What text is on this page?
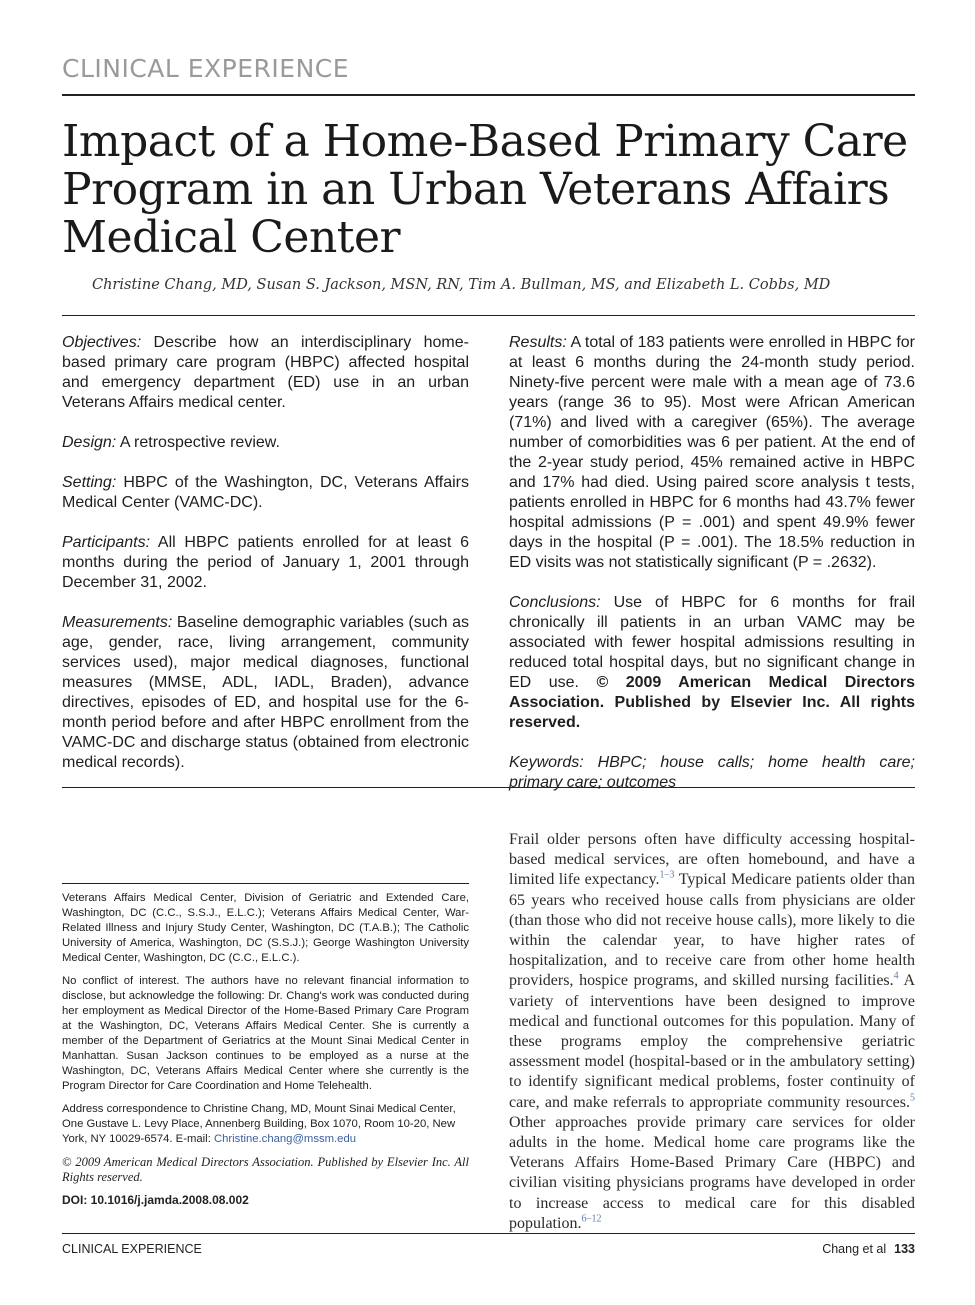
CLINICAL EXPERIENCE
Impact of a Home-Based Primary Care Program in an Urban Veterans Affairs Medical Center
Christine Chang, MD, Susan S. Jackson, MSN, RN, Tim A. Bullman, MS, and Elizabeth L. Cobbs, MD

Objectives: Describe how an interdisciplinary home-based primary care program (HBPC) affected hospital and emergency department (ED) use in an urban Veterans Affairs medical center.

Design: A retrospective review.

Setting: HBPC of the Washington, DC, Veterans Affairs Medical Center (VAMC-DC).

Participants: All HBPC patients enrolled for at least 6 months during the period of January 1, 2001 through December 31, 2002.

Measurements: Baseline demographic variables (such as age, gender, race, living arrangement, community services used), major medical diagnoses, functional measures (MMSE, ADL, IADL, Braden), advance directives, episodes of ED, and hospital use for the 6-month period before and after HBPC enrollment from the VAMC-DC and discharge status (obtained from electronic medical records).

Results: A total of 183 patients were enrolled in HBPC for at least 6 months during the 24-month study period. Ninety-five percent were male with a mean age of 73.6 years (range 36 to 95). Most were African American (71%) and lived with a caregiver (65%). The average number of comorbidities was 6 per patient. At the end of the 2-year study period, 45% remained active in HBPC and 17% had died. Using paired score analysis t tests, patients enrolled in HBPC for 6 months had 43.7% fewer hospital admissions (P = .001) and spent 49.9% fewer days in the hospital (P = .001). The 18.5% reduction in ED visits was not statistically significant (P = .2632).

Conclusions: Use of HBPC for 6 months for frail chronically ill patients in an urban VAMC may be associated with fewer hospital admissions resulting in reduced total hospital days, but no significant change in ED use. © 2009 American Medical Directors Association. Published by Elsevier Inc. All rights reserved.

Keywords: HBPC; house calls; home health care; primary care; outcomes

Frail older persons often have difficulty accessing hospital-based medical services, are often homebound, and have a limited life expectancy.$^{1-3}$ Typical Medicare patients older than 65 years who received house calls from physicians are older (than those who did not receive house calls), more likely to die within the calendar year, to have higher rates of hospitalization, and to receive care from other home health providers, hospice programs, and skilled nursing facilities.$^4$ A variety of interventions have been designed to improve medical and functional outcomes for this population. Many of these programs employ the comprehensive geriatric assessment model (hospital-based or in the ambulatory setting) to identify significant medical problems, foster continuity of care, and make referrals to appropriate community resources.$^5$ Other approaches provide primary care services for older adults in the home. Medical home care programs like the Veterans Affairs Home-Based Primary Care (HBPC) and civilian visiting physicians programs have developed in order to increase access to medical care for this disabled population.$^{6-12}$

Veterans Affairs Medical Center, Division of Geriatric and Extended Care, Washington, DC (C.C., S.S.J., E.L.C.); Veterans Affairs Medical Center, War-Related Illness and Injury Study Center, Washington, DC (T.A.B.); The Catholic University of America, Washington, DC (S.S.J.); George Washington University Medical Center, Washington, DC (C.C., E.L.C.).

No conflict of interest. The authors have no relevant financial information to disclose, but acknowledge the following: Dr. Chang's work was conducted during her employment as Medical Director of the Home-Based Primary Care Program at the Washington, DC, Veterans Affairs Medical Center. She is currently a member of the Department of Geriatrics at the Mount Sinai Medical Center in Manhattan. Susan Jackson continues to be employed as a nurse at the Washington, DC, Veterans Affairs Medical Center where she currently is the Program Director for Care Coordination and Home Telehealth.

Address correspondence to Christine Chang, MD, Mount Sinai Medical Center, One Gustave L. Levy Place, Annenberg Building, Box 1070, Room 10-20, New York, NY 10029-6574. E-mail: Christine.chang@mssm.edu

© 2009 American Medical Directors Association. Published by Elsevier Inc. All Rights reserved.

DOI: 10.1016/j.jamda.2008.08.002

CLINICAL EXPERIENCE	Chang et al 133
